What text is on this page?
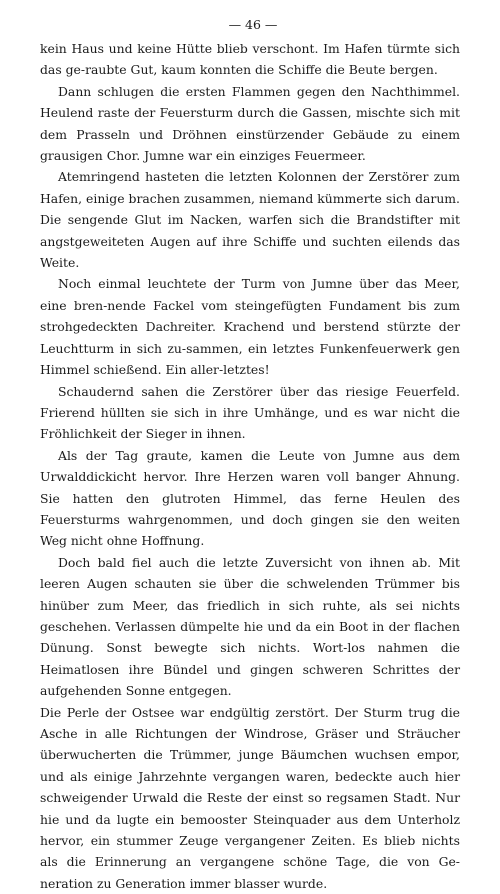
— 46 —

kein Haus und keine Hütte blieb verschont. Im Hafen türmte sich das ge-raubte Gut, kaum konnten die Schiffe die Beute bergen.

Dann schlugen die ersten Flammen gegen den Nachthimmel. Heulend raste der Feuersturm durch die Gassen, mischte sich mit dem Prasseln und Dröhnen einstürzender Gebäude zu einem grausigen Chor. Jumne war ein einziges Feuermeer.

Atemringend hasteten die letzten Kolonnen der Zerstörer zum Hafen, einige brachen zusammen, niemand kümmerte sich darum. Die sengende Glut im Nacken, warfen sich die Brandstifter mit angstgeweiteten Augen auf ihre Schiffe und suchten eilends das Weite.

Noch einmal leuchtete der Turm von Jumne über das Meer, eine bren-nende Fackel vom steingefügten Fundament bis zum strohgedeckten Dachreiter. Krachend und berstend stürzte der Leuchtturm in sich zu-sammen, ein letztes Funkenfeuerwerk gen Himmel schießend. Ein aller-letztes!

Schaudernd sahen die Zerstörer über das riesige Feuerfeld. Frierend hüllten sie sich in ihre Umhänge, und es war nicht die Fröhlichkeit der Sieger in ihnen.

Als der Tag graute, kamen die Leute von Jumne aus dem Urwalddickicht hervor. Ihre Herzen waren voll banger Ahnung. Sie hatten den glutroten Himmel, das ferne Heulen des Feuersturms wahrgenommen, und doch gingen sie den weiten Weg nicht ohne Hoffnung.

Doch bald fiel auch die letzte Zuversicht von ihnen ab. Mit leeren Augen schauten sie über die schwelenden Trümmer bis hinüber zum Meer, das friedlich in sich ruhte, als sei nichts geschehen. Verlassen dümpelte hie und da ein Boot in der flachen Dünung. Sonst bewegte sich nichts. Wort-los nahmen die Heimatlosen ihre Bündel und gingen schweren Schrittes der aufgehenden Sonne entgegen.

Die Perle der Ostsee war endgültig zerstört. Der Sturm trug die Asche in alle Richtungen der Windrose, Gräser und Sträucher überwucherten die Trümmer, junge Bäumchen wuchsen empor, und als einige Jahrzehnte vergangen waren, bedeckte auch hier schweigender Urwald die Reste der einst so regsamen Stadt. Nur hie und da lugte ein bemooster Steinquader aus dem Unterholz hervor, ein stummer Zeuge vergangener Zeiten. Es blieb nichts als die Erinnerung an vergangene schöne Tage, die von Ge-neration zu Generation immer blasser wurde.
